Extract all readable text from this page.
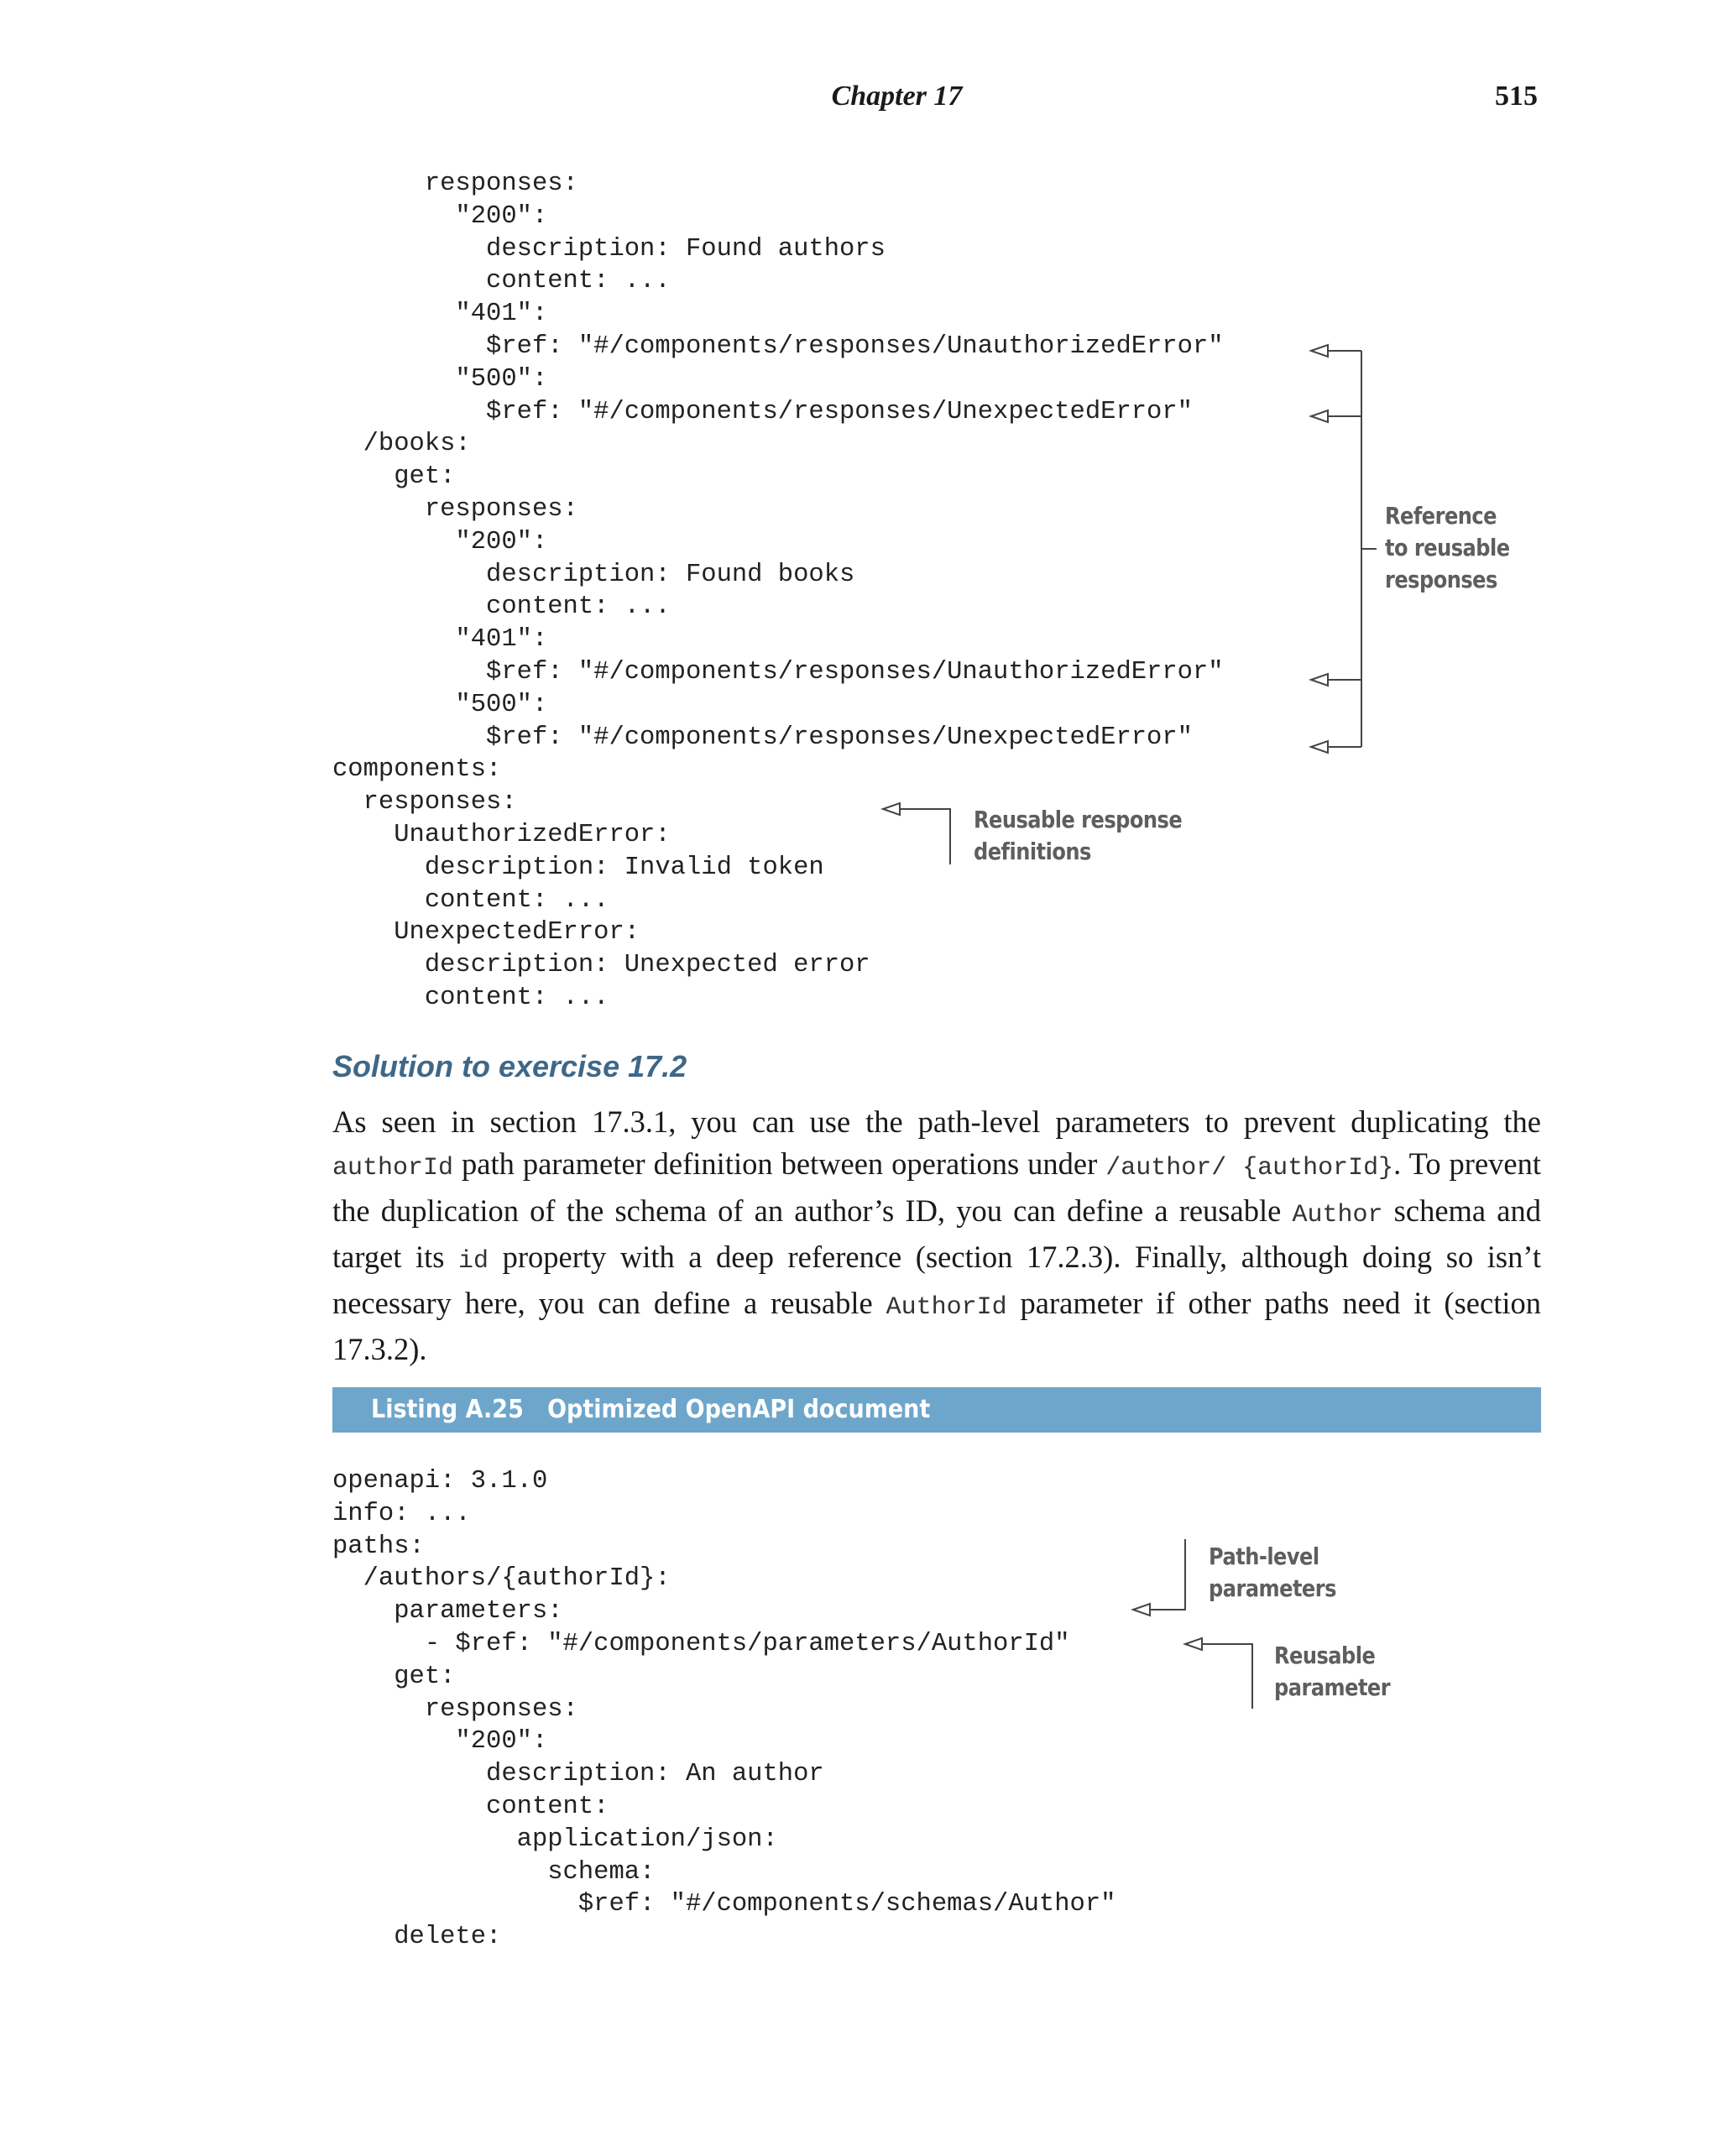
Chapter 17	515
responses:
"200":
description: Found authors
content: ...
"401":
$ref: "#/components/responses/UnauthorizedError"
"500":
$ref: "#/components/responses/UnexpectedError"
/books:
get:
responses:
"200":
description: Found books
content: ...
"401":
$ref: "#/components/responses/UnauthorizedError"
"500":
$ref: "#/components/responses/UnexpectedError"
components:
responses:
UnauthorizedError:
description: Invalid token
content: ...
UnexpectedError:
description: Unexpected error
content: ...
Reference
to reusable
responses
Reusable response
definitions
Solution to exercise 17.2

As seen in section 17.3.1, you can use the path-level parameters to prevent duplicating the authorId path parameter definition between operations under /author/ {authorId}. To prevent the duplication of the schema of an author’s ID, you can define a reusable Author schema and target its id property with a deep reference (section 17.2.3). Finally, although doing so isn’t necessary here, you can define a reusable AuthorId parameter if other paths need it (section 17.3.2).

Listing A.25 Optimized OpenAPI document
openapi: 3.1.0
info: ...
paths:
/authors/{authorId}:
parameters:
- $ref: "#/components/parameters/AuthorId"
get:
responses:
"200":
description: An author
content:
application/json:
schema:
$ref: "#/components/schemas/Author"
delete:
Path-level
parameters
Reusable
parameter
